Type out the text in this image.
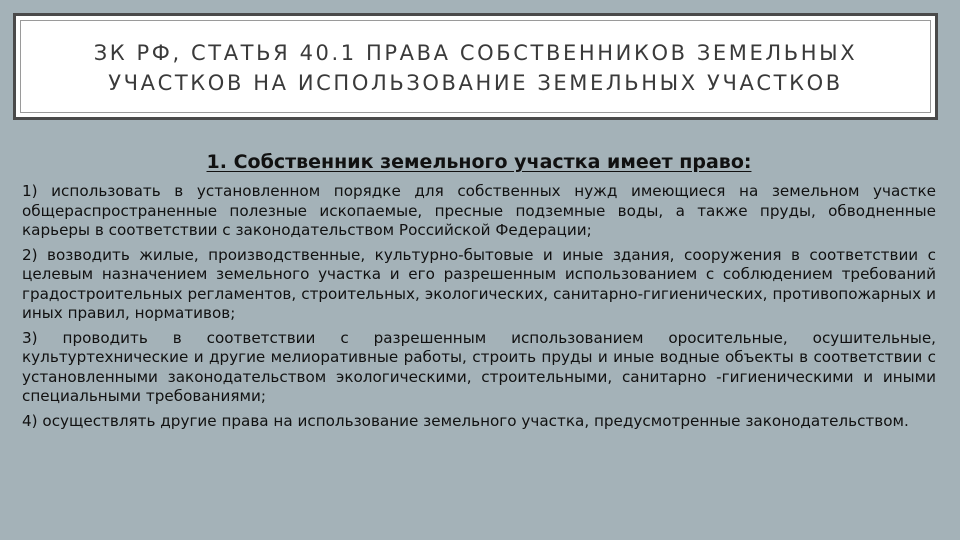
ЗК РФ, СТАТЬЯ 40.1 ПРАВА СОБСТВЕННИКОВ ЗЕМЕЛЬНЫХ УЧАСТКОВ НА ИСПОЛЬЗОВАНИЕ ЗЕМЕЛЬНЫХ УЧАСТКОВ
1. Собственник земельного участка имеет право:

1) использовать в установленном порядке для собственных нужд имеющиеся на земельном участке общераспространенные полезные ископаемые, пресные подземные воды, а также пруды, обводненные карьеры в соответствии с законодательством Российской Федерации;

2) возводить жилые, производственные, культурно-бытовые и иные здания, сооружения в соответствии с целевым назначением земельного участка и его разрешенным использованием с соблюдением требований градостроительных регламентов, строительных, экологических, санитарно-гигиенических, противопожарных и иных правил, нормативов;

3) проводить в соответствии с разрешенным использованием оросительные, осушительные, культуртехнические и другие мелиоративные работы, строить пруды и иные водные объекты в соответствии с установленными законодательством экологическими, строительными, санитарно -гигиеническими и иными специальными требованиями;

4) осуществлять другие права на использование земельного участка, предусмотренные законодательством.
